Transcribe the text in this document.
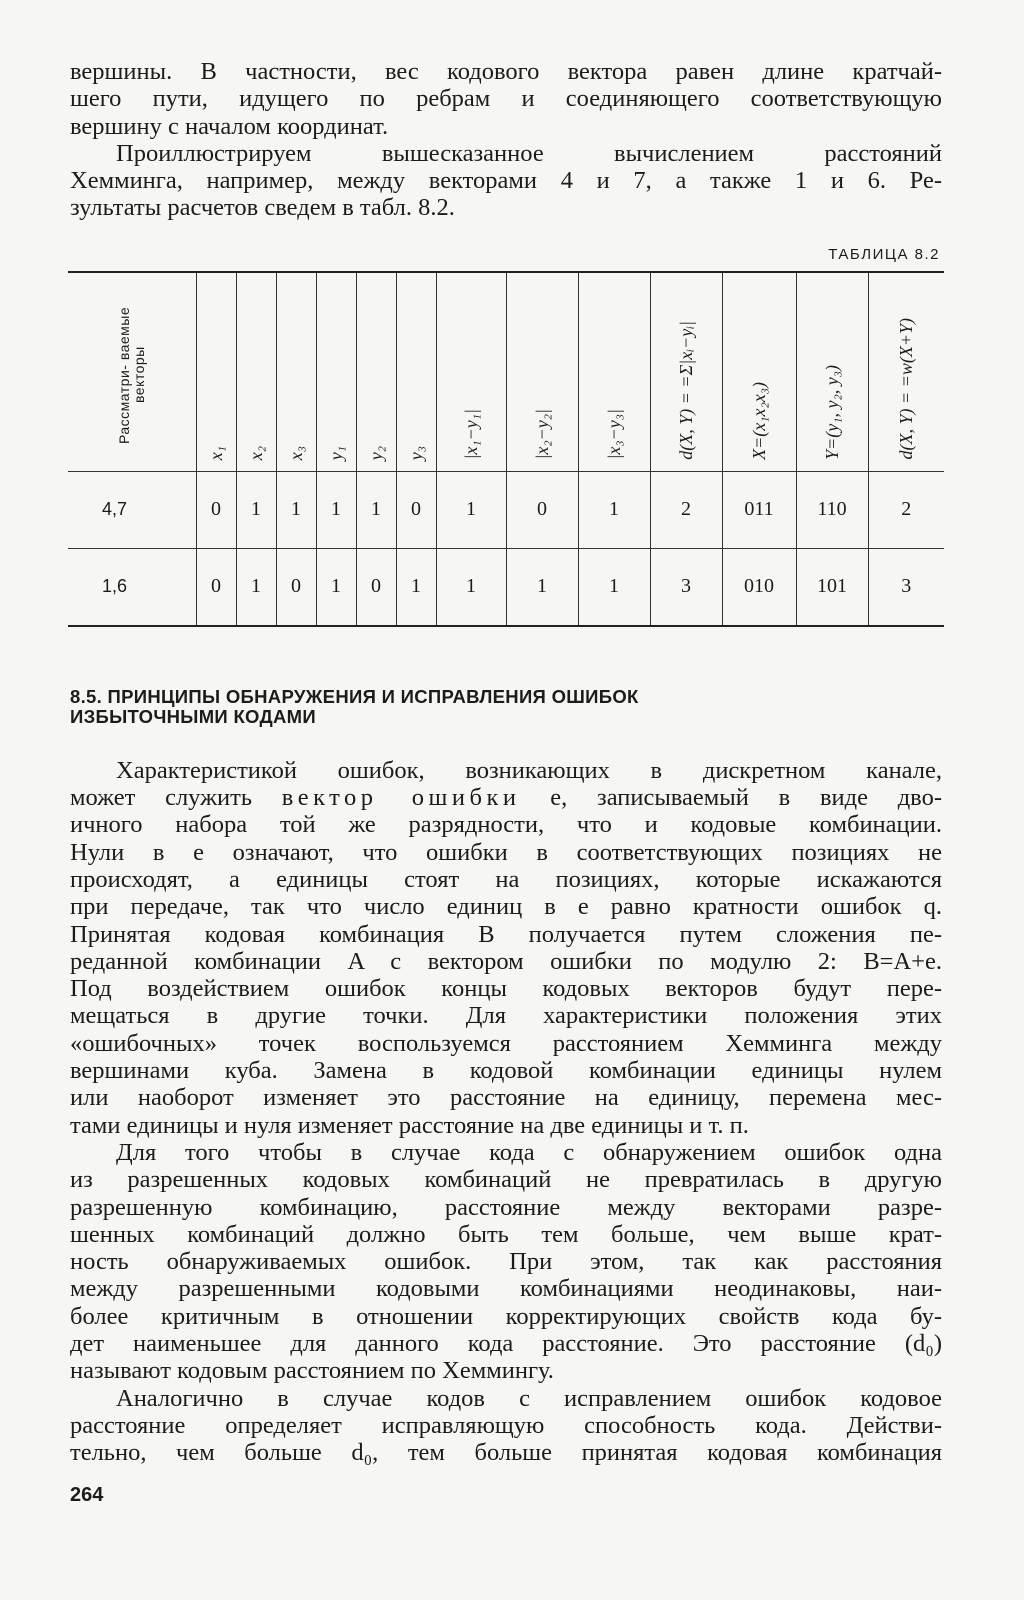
вершины. В частности, вес кодового вектора равен длине кратчай-
шего пути, идущего по ребрам и соединяющего соответствующую
вершину с началом координат.

Проиллюстрируем вышесказанное вычислением расстояний
Хемминга, например, между векторами 4 и 7, а также 1 и 6. Ре-
зультаты расчетов сведем в табл. 8.2.

ТАБЛИЦА 8.2
Рассматри- ваемые векторы	x₁	x₂	x₃	y₁	y₂	y₃	|x₁−y₁|	|x₂−y₂|	|x₃−y₃|	d(X, Y) = =Σ|xᵢ−yᵢ|	X=(x₁x₂x₃)	Y=(y₁, y₂, y₃)	d(X, Y) = =w(X+Y)
4,7	0	1	1	1	1	0	1	0	1	2	011	110	2
1,6	0	1	0	1	0	1	1	1	1	3	010	101	3
8.5. ПРИНЦИПЫ ОБНАРУЖЕНИЯ И ИСПРАВЛЕНИЯ ОШИБОК
ИЗБЫТОЧНЫМИ КОДАМИ

Характеристикой ошибок, возникающих в дискретном канале,
может служить вектор ошибки e, записываемый в виде дво-
ичного набора той же разрядности, что и кодовые комбинации.
Нули в e означают, что ошибки в соответствующих позициях не
происходят, а единицы стоят на позициях, которые искажаются
при передаче, так что число единиц в e равно кратности ошибок q.
Принятая кодовая комбинация B получается путем сложения пе-
реданной комбинации A с вектором ошибки по модулю 2: B=A+e.
Под воздействием ошибок концы кодовых векторов будут пере-
мещаться в другие точки. Для характеристики положения этих
«ошибочных» точек воспользуемся расстоянием Хемминга между
вершинами куба. Замена в кодовой комбинации единицы нулем
или наоборот изменяет это расстояние на единицу, перемена мес-
тами единицы и нуля изменяет расстояние на две единицы и т. п.

Для того чтобы в случае кода с обнаружением ошибок одна
из разрешенных кодовых комбинаций не превратилась в другую
разрешенную комбинацию, расстояние между векторами разре-
шенных комбинаций должно быть тем больше, чем выше крат-
ность обнаруживаемых ошибок. При этом, так как расстояния
между разрешенными кодовыми комбинациями неодинаковы, наи-
более критичным в отношении корректирующих свойств кода бу-
дет наименьшее для данного кода расстояние. Это расстояние (d₀)
называют кодовым расстоянием по Хеммингу.

Аналогично в случае кодов с исправлением ошибок кодовое
расстояние определяет исправляющую способность кода. Действи-
тельно, чем больше d₀, тем больше принятая кодовая комбинация

264
